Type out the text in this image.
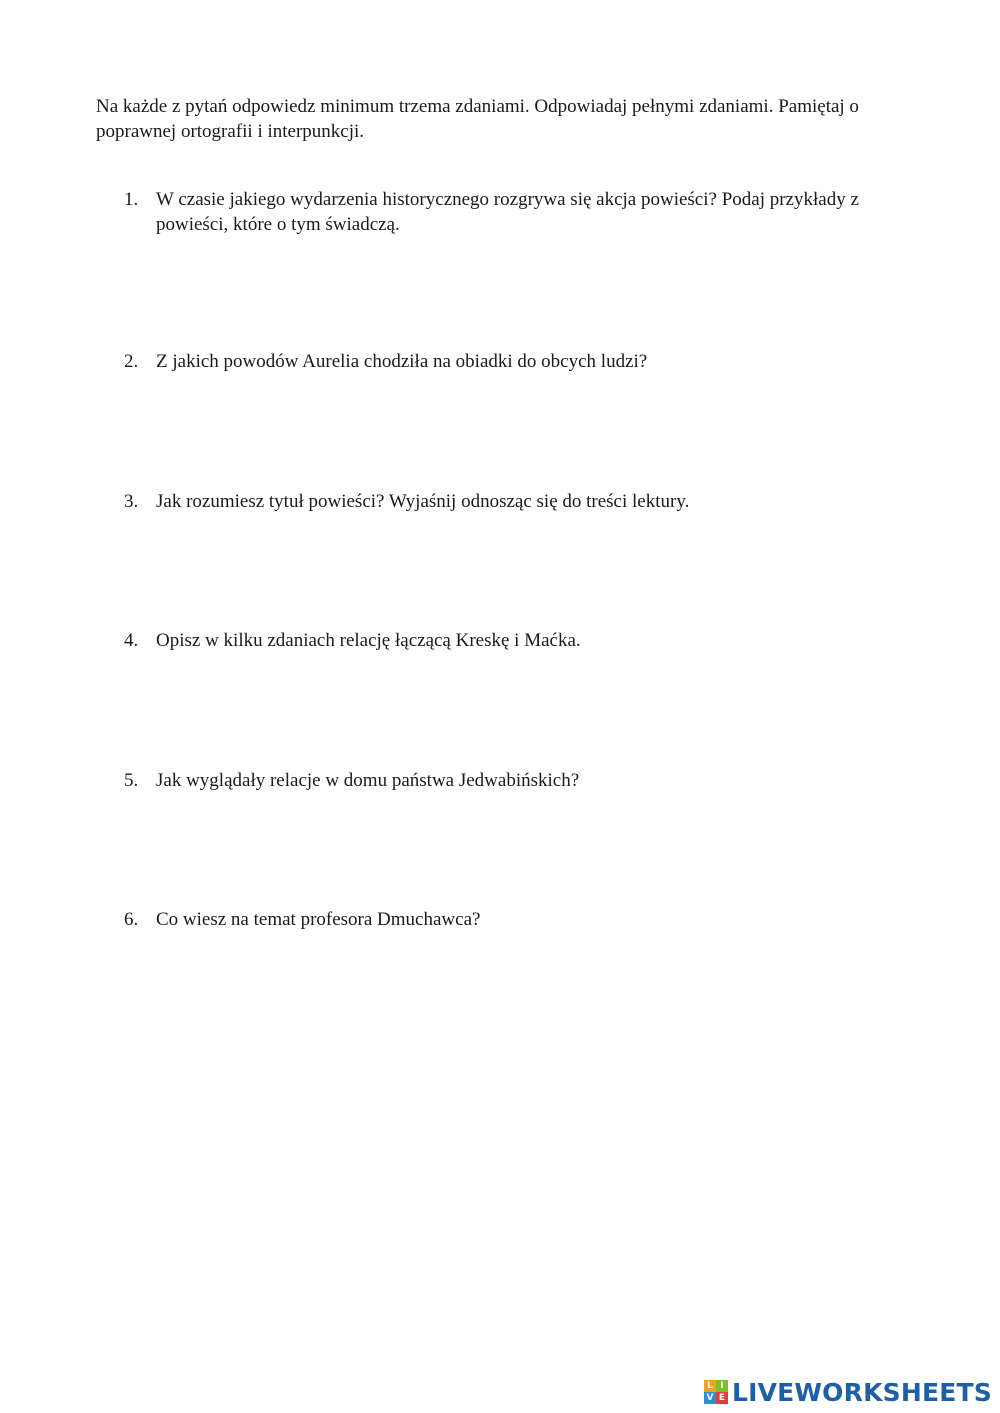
Na każde z pytań odpowiedz minimum trzema zdaniami. Odpowiadaj pełnymi zdaniami. Pamiętaj o poprawnej ortografii i interpunkcji.

1. W czasie jakiego wydarzenia historycznego rozgrywa się akcja powieści? Podaj przykłady z powieści, które o tym świadczą.
2. Z jakich powodów Aurelia chodziła na obiadki do obcych ludzi?
3. Jak rozumiesz tytuł powieści? Wyjaśnij odnosząc się do treści lektury.
4. Opisz w kilku zdaniach relację łączącą Kreskę i Maćka.
5. Jak wyglądały relacje w domu państwa Jedwabińskich?
6. Co wiesz na temat profesora Dmuchawca?
L I
V E LIVEWORKSHEETS
